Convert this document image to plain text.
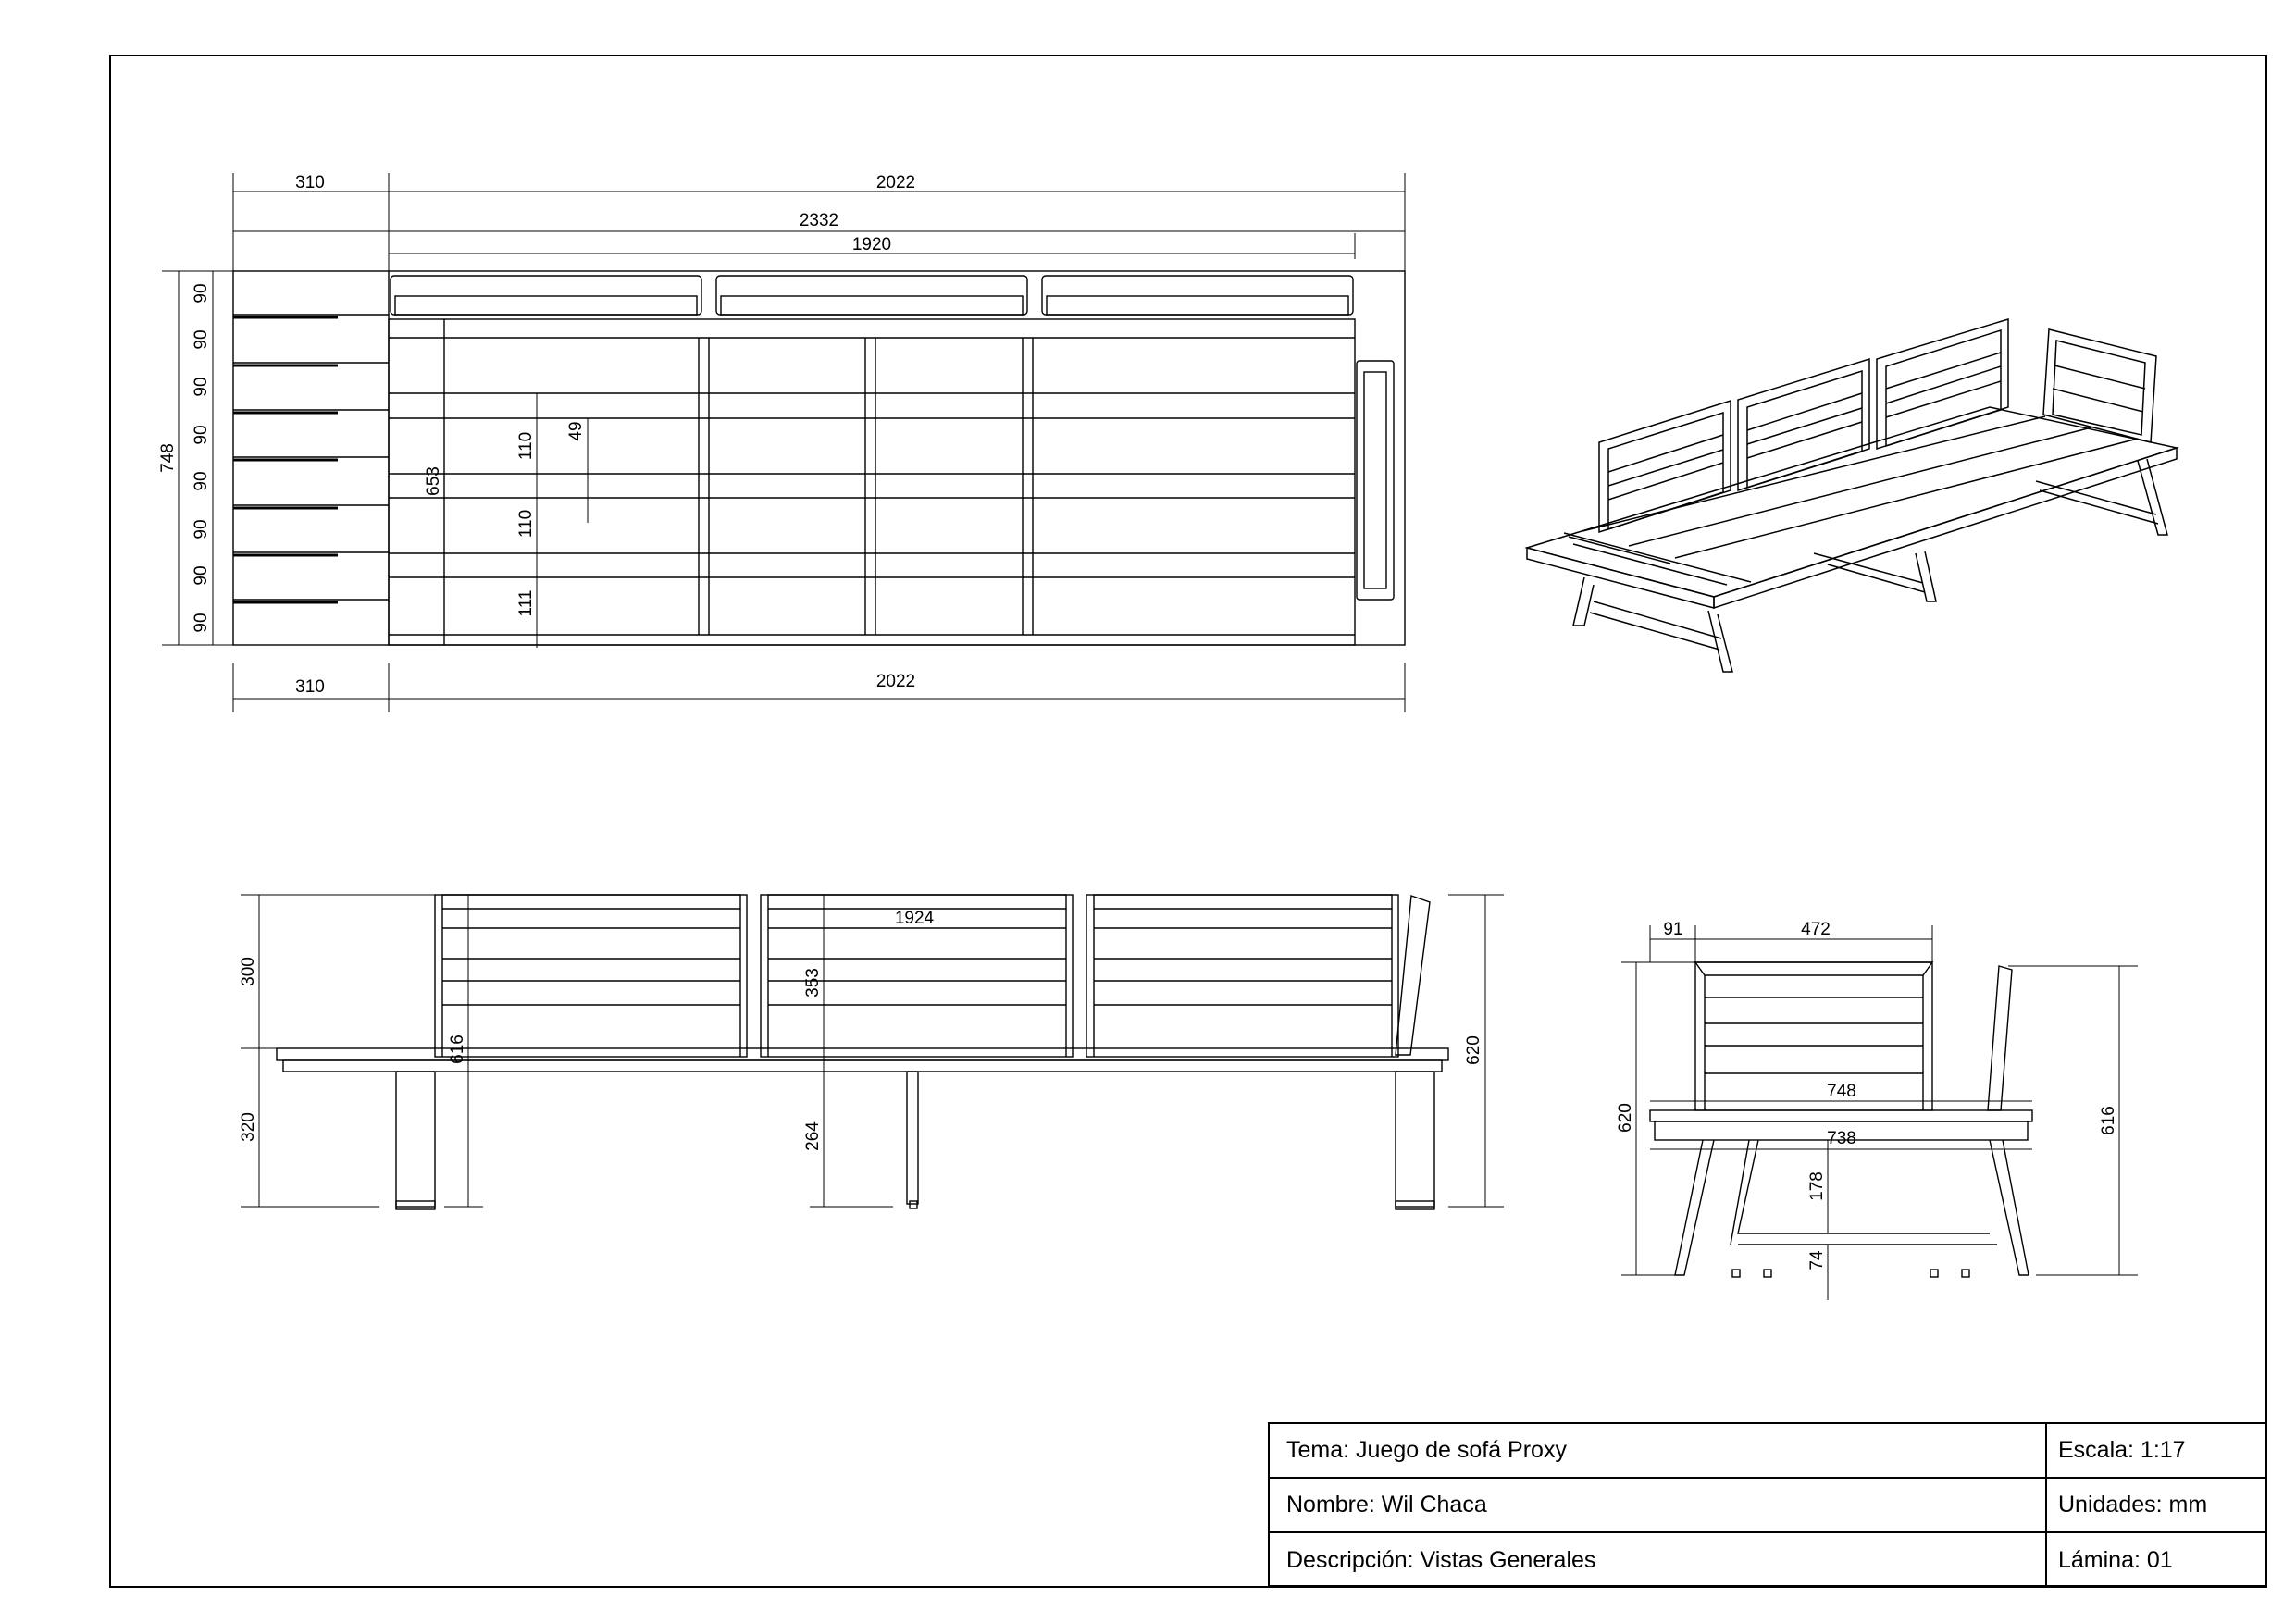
310	2022
2332
1920
748
90
90
90
90
90
90
90
90
653
110
49
110
111
310	2022
300
320
616
1924
353
264
620
91	472
748
738
620
178
74
616
Tema: Juego de sofá Proxy	Escala: 1:17
Nombre: Wil Chaca	Unidades: mm
Descripción: Vistas Generales	Lámina: 01
